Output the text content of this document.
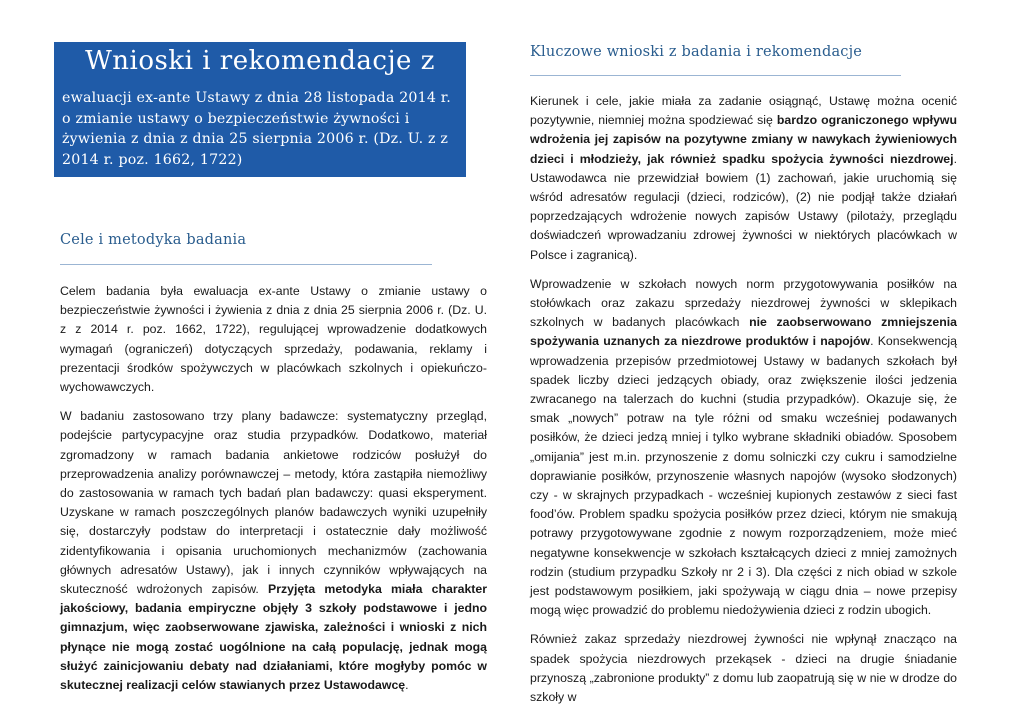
Wnioski i rekomendacje z
ewaluacji ex-ante Ustawy z dnia 28 listopada 2014 r. o zmianie ustawy o bezpieczeństwie żywności i żywienia z dnia z dnia 25 sierpnia 2006 r. (Dz. U. z z 2014 r. poz. 1662, 1722)
Cele i metodyka badania

Celem badania była ewaluacja ex-ante Ustawy o zmianie ustawy o bezpieczeństwie żywności i żywienia z dnia z dnia 25 sierpnia 2006 r. (Dz. U. z z 2014 r. poz. 1662, 1722), regulującej wprowadzenie dodatkowych wymagań (ograniczeń) dotyczących sprzedaży, podawania, reklamy i prezentacji środków spożywczych w placówkach szkolnych i opiekuńczo-wychowawczych.

W badaniu zastosowano trzy plany badawcze: systematyczny przegląd, podejście partycypacyjne oraz studia przypadków. Dodatkowo, materiał zgromadzony w ramach badania ankietowe rodziców posłużył do przeprowadzenia analizy porównawczej – metody, która zastąpiła niemożliwy do zastosowania w ramach tych badań plan badawczy: quasi eksperyment. Uzyskane w ramach poszczególnych planów badawczych wyniki uzupełniły się, dostarczyły podstaw do interpretacji i ostatecznie dały możliwość zidentyfikowania i opisania uruchomionych mechanizmów (zachowania głównych adresatów Ustawy), jak i innych czynników wpływających na skuteczność wdrożonych zapisów. Przyjęta metodyka miała charakter jakościowy, badania empiryczne objęły 3 szkoły podstawowe i jedno gimnazjum, więc zaobserwowane zjawiska, zależności i wnioski z nich płynące nie mogą zostać uogólnione na całą populację, jednak mogą służyć zainicjowaniu debaty nad działaniami, które mogłyby pomóc w skutecznej realizacji celów stawianych przez Ustawodawcę.

Kluczowe wnioski z badania i rekomendacje

Kierunek i cele, jakie miała za zadanie osiągnąć, Ustawę można ocenić pozytywnie, niemniej można spodziewać się bardzo ograniczonego wpływu wdrożenia jej zapisów na pozytywne zmiany w nawykach żywieniowych dzieci i młodzieży, jak również spadku spożycia żywności niezdrowej. Ustawodawca nie przewidział bowiem (1) zachowań, jakie uruchomią się wśród adresatów regulacji (dzieci, rodziców), (2) nie podjął także działań poprzedzających wdrożenie nowych zapisów Ustawy (pilotaży, przeglądu doświadczeń wprowadzaniu zdrowej żywności w niektórych placówkach w Polsce i zagranicą).

Wprowadzenie w szkołach nowych norm przygotowywania posiłków na stołówkach oraz zakazu sprzedaży niezdrowej żywności w sklepikach szkolnych w badanych placówkach nie zaobserwowano zmniejszenia spożywania uznanych za niezdrowe produktów i napojów. Konsekwencją wprowadzenia przepisów przedmiotowej Ustawy w badanych szkołach był spadek liczby dzieci jedzących obiady, oraz zwiększenie ilości jedzenia zwracanego na talerzach do kuchni (studia przypadków). Okazuje się, że smak „nowych” potraw na tyle różni od smaku wcześniej podawanych posiłków, że dzieci jedzą mniej i tylko wybrane składniki obiadów. Sposobem „omijania” jest m.in. przynoszenie z domu solniczki czy cukru i samodzielne doprawianie posiłków, przynoszenie własnych napojów (wysoko słodzonych) czy - w skrajnych przypadkach - wcześniej kupionych zestawów z sieci fast food’ów. Problem spadku spożycia posiłków przez dzieci, którym nie smakują potrawy przygotowywane zgodnie z nowym rozporządzeniem, może mieć negatywne konsekwencje w szkołach kształcących dzieci z mniej zamożnych rodzin (studium przypadku Szkoły nr 2 i 3). Dla części z nich obiad w szkole jest podstawowym posiłkiem, jaki spożywają w ciągu dnia – nowe przepisy mogą więc prowadzić do problemu niedożywienia dzieci z rodzin ubogich.

Również zakaz sprzedaży niezdrowej żywności nie wpłynął znacząco na spadek spożycia niezdrowych przekąsek - dzieci na drugie śniadanie przynoszą „zabronione produkty” z domu lub zaopatrują się w nie w drodze do szkoły w
